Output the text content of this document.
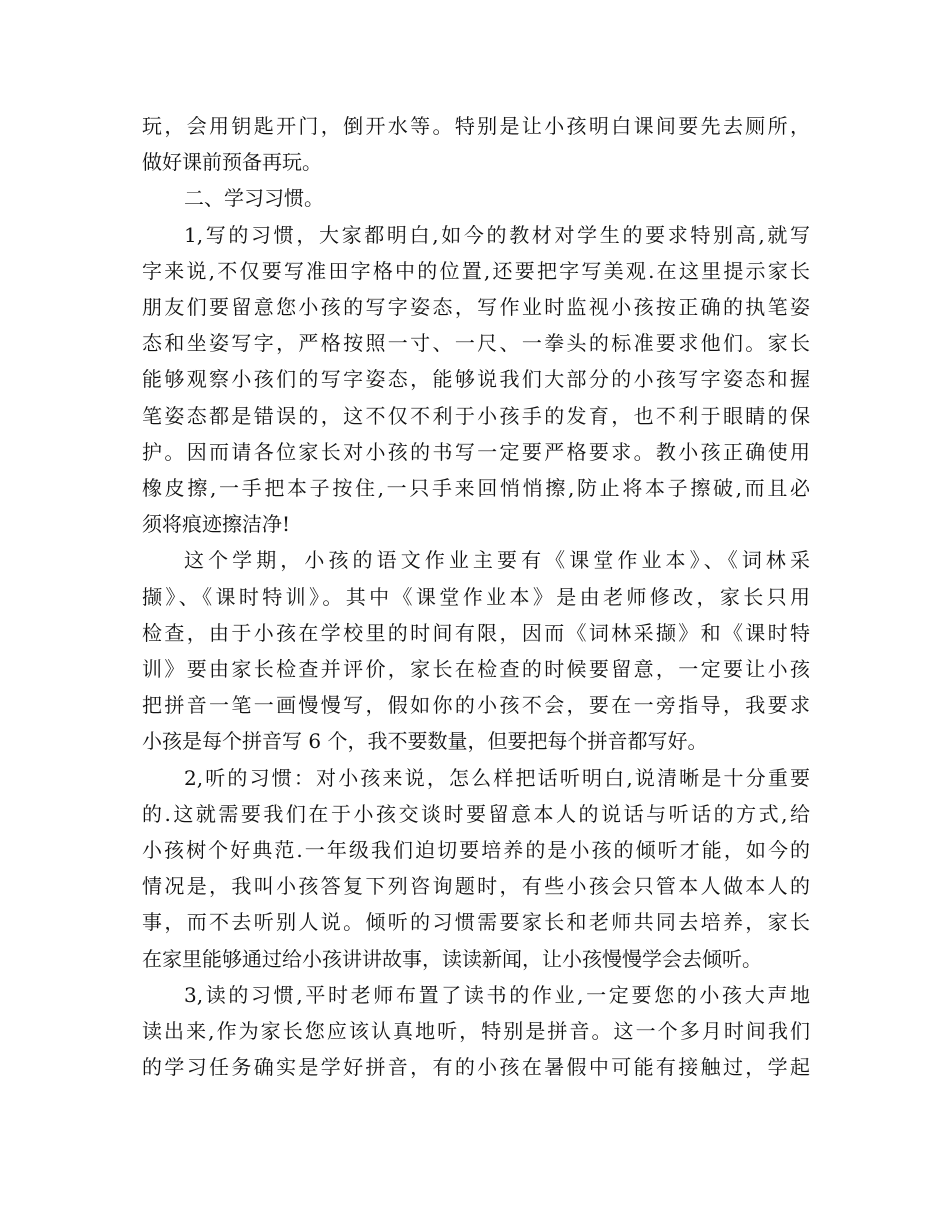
玩，会用钥匙开门，倒开水等。特别是让小孩明白课间要先去厕所，
做好课前预备再玩。
二、学习习惯。
1,写的习惯，大家都明白,如今的教材对学生的要求特别高,就写
字来说,不仅要写准田字格中的位置,还要把字写美观.在这里提示家长
朋友们要留意您小孩的写字姿态，写作业时监视小孩按正确的执笔姿
态和坐姿写字，严格按照一寸、一尺、一拳头的标准要求他们。家长
能够观察小孩们的写字姿态，能够说我们大部分的小孩写字姿态和握
笔姿态都是错误的，这不仅不利于小孩手的发育，也不利于眼睛的保
护。因而请各位家长对小孩的书写一定要严格要求。教小孩正确使用
橡皮擦,一手把本子按住,一只手来回悄悄擦,防止将本子擦破,而且必
须将痕迹擦洁净!
这个学期，小孩的语文作业主要有《课堂作业本》、《词林采
撷》、《课时特训》。其中《课堂作业本》是由老师修改，家长只用
检查，由于小孩在学校里的时间有限，因而《词林采撷》和《课时特
训》要由家长检查并评价，家长在检查的时候要留意，一定要让小孩
把拼音一笔一画慢慢写，假如你的小孩不会，要在一旁指导，我要求
小孩是每个拼音写 6 个，我不要数量，但要把每个拼音都写好。
2,听的习惯：对小孩来说，怎么样把话听明白,说清晰是十分重要
的.这就需要我们在于小孩交谈时要留意本人的说话与听话的方式,给
小孩树个好典范.一年级我们迫切要培养的是小孩的倾听才能，如今的
情况是，我叫小孩答复下列咨询题时，有些小孩会只管本人做本人的
事，而不去听别人说。倾听的习惯需要家长和老师共同去培养，家长
在家里能够通过给小孩讲讲故事，读读新闻，让小孩慢慢学会去倾听。
3,读的习惯,平时老师布置了读书的作业,一定要您的小孩大声地
读出来,作为家长您应该认真地听，特别是拼音。这一个多月时间我们
的学习任务确实是学好拼音，有的小孩在暑假中可能有接触过，学起
